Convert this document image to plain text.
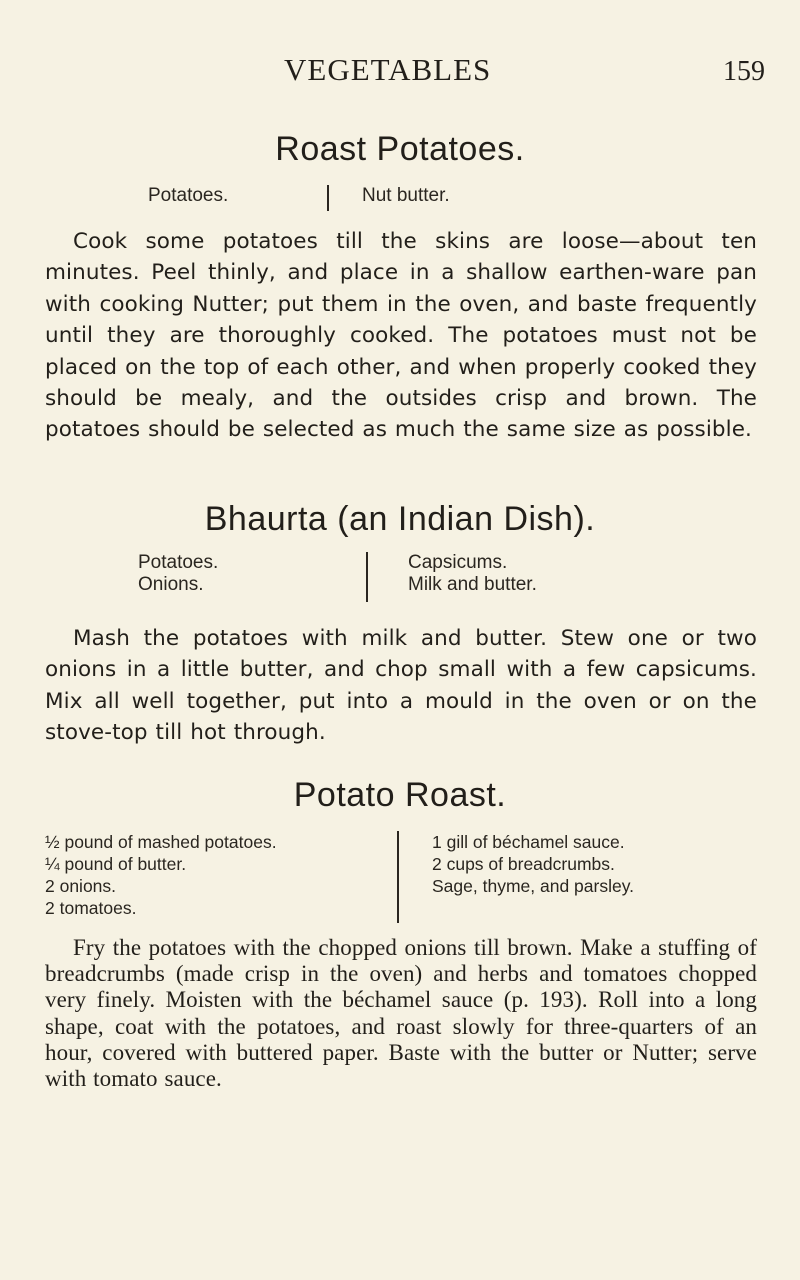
VEGETABLES	159
Roast Potatoes.
Potatoes.	Nut butter.

Cook some potatoes till the skins are loose—about ten minutes. Peel thinly, and place in a shallow earthen-ware pan with cooking Nutter; put them in the oven, and baste frequently until they are thoroughly cooked. The potatoes must not be placed on the top of each other, and when properly cooked they should be mealy, and the outsides crisp and brown. The potatoes should be selected as much the same size as possible.

Bhaurta (an Indian Dish).
Potatoes.
Onions.
Capsicums.
Milk and butter.

Mash the potatoes with milk and butter. Stew one or two onions in a little butter, and chop small with a few capsicums. Mix all well together, put into a mould in the oven or on the stove-top till hot through.

Potato Roast.
½ pound of mashed potatoes.
¼ pound of butter.
2 onions.
2 tomatoes.
1 gill of béchamel sauce.
2 cups of breadcrumbs.
Sage, thyme, and parsley.

Fry the potatoes with the chopped onions till brown. Make a stuffing of breadcrumbs (made crisp in the oven) and herbs and tomatoes chopped very finely. Moisten with the béchamel sauce (p. 193). Roll into a long shape, coat with the potatoes, and roast slowly for three-quarters of an hour, covered with buttered paper. Baste with the butter or Nutter; serve with tomato sauce.
